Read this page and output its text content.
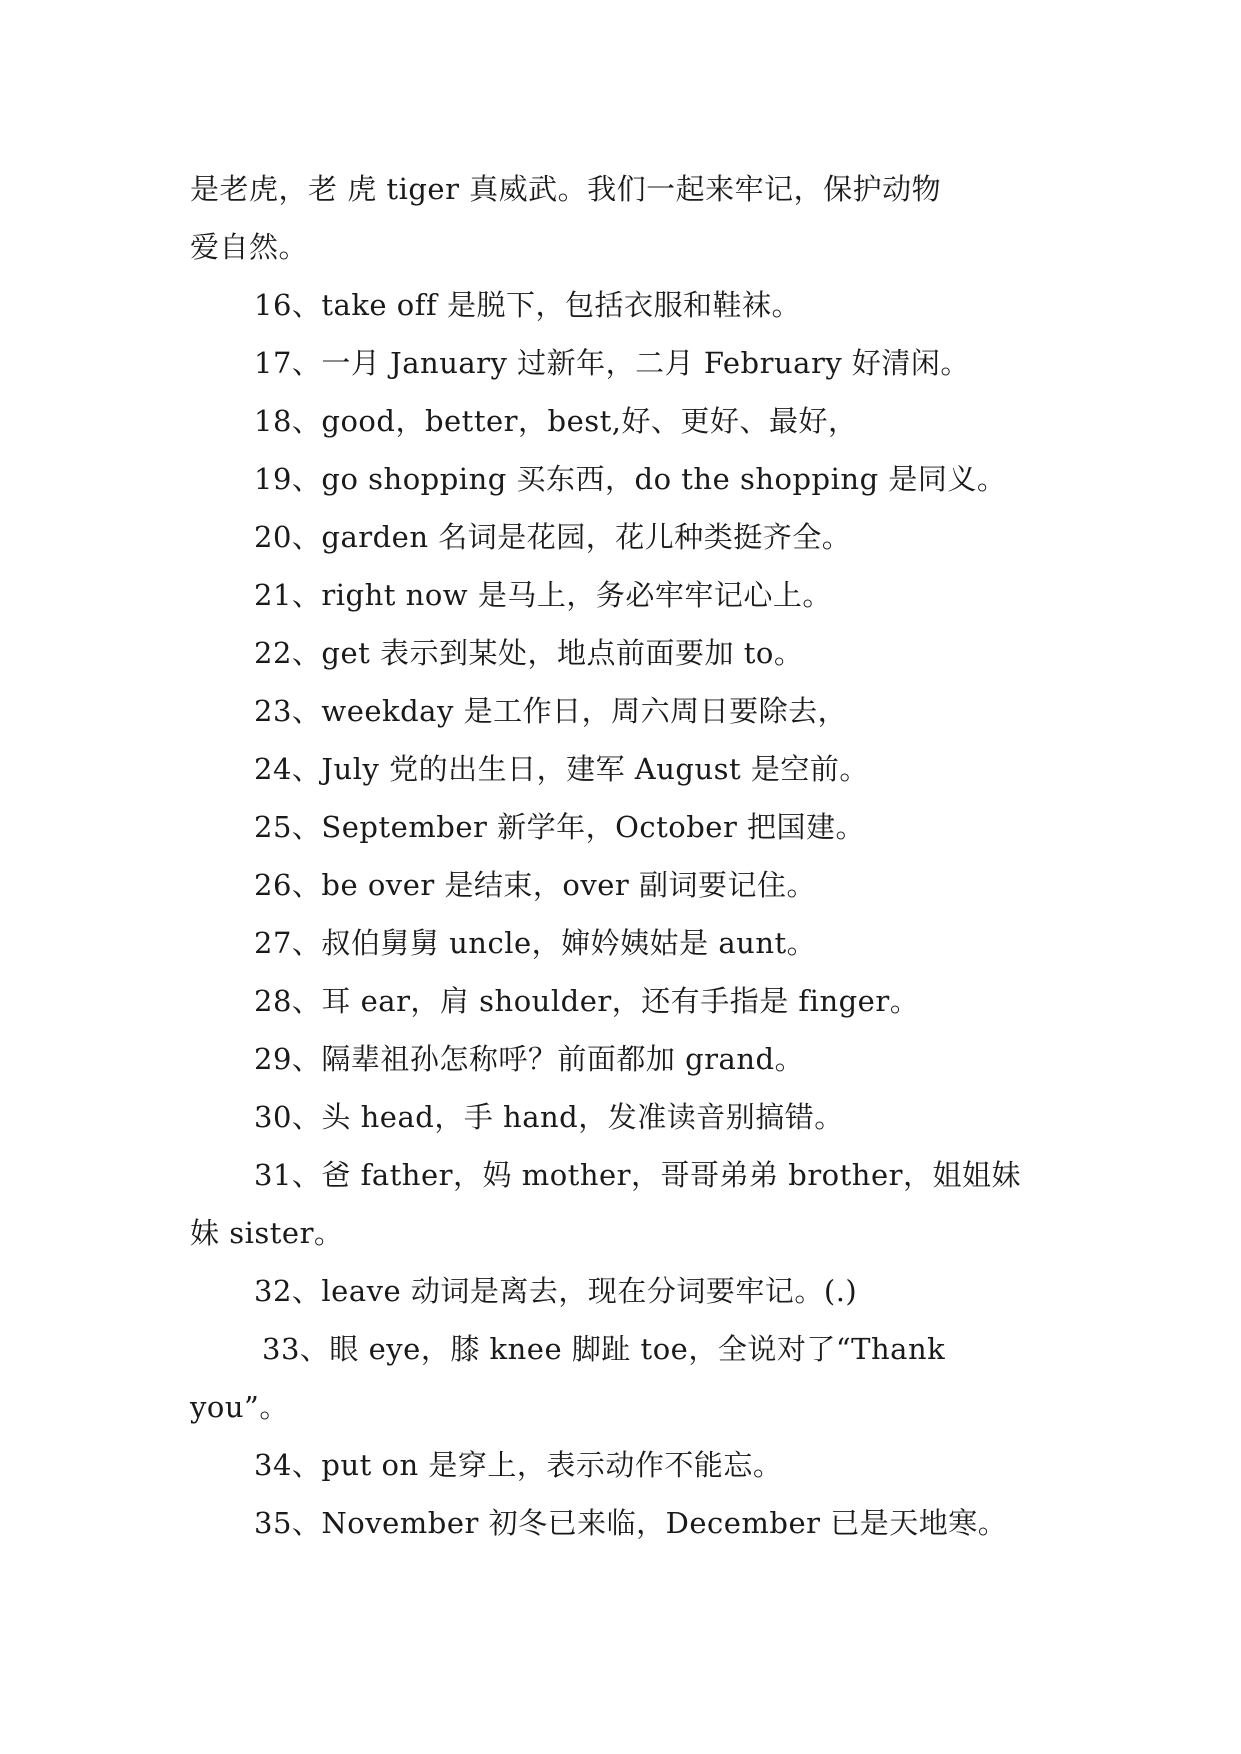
是老虎，老 虎 tiger 真威武。我们一起来牢记，保护动物
爱自然。
16、take off 是脱下，包括衣服和鞋袜。
17、一月 January 过新年，二月 February 好清闲。
18、good，better，best,好、更好、最好，
19、go shopping 买东西，do the shopping 是同义。
20、garden 名词是花园，花儿种类挺齐全。
21、right now 是马上，务必牢牢记心上。
22、get 表示到某处，地点前面要加 to。
23、weekday 是工作日，周六周日要除去，
24、July 党的出生日，建军 August 是空前。
25、September 新学年，October 把国建。
26、be over 是结束，over 副词要记住。
27、叔伯舅舅 uncle，婶妗姨姑是 aunt。
28、耳 ear，肩 shoulder，还有手指是 finger。
29、隔辈祖孙怎称呼？前面都加 grand。
30、头 head，手 hand，发准读音别搞错。
31、爸 father，妈 mother，哥哥弟弟 brother，姐姐妹
妹 sister。
32、leave 动词是离去，现在分词要牢记。(.)
33、眼 eye，膝 knee 脚趾 toe，全说对了“Thank
you”。
34、put on 是穿上，表示动作不能忘。
35、November 初冬已来临，December 已是天地寒。
